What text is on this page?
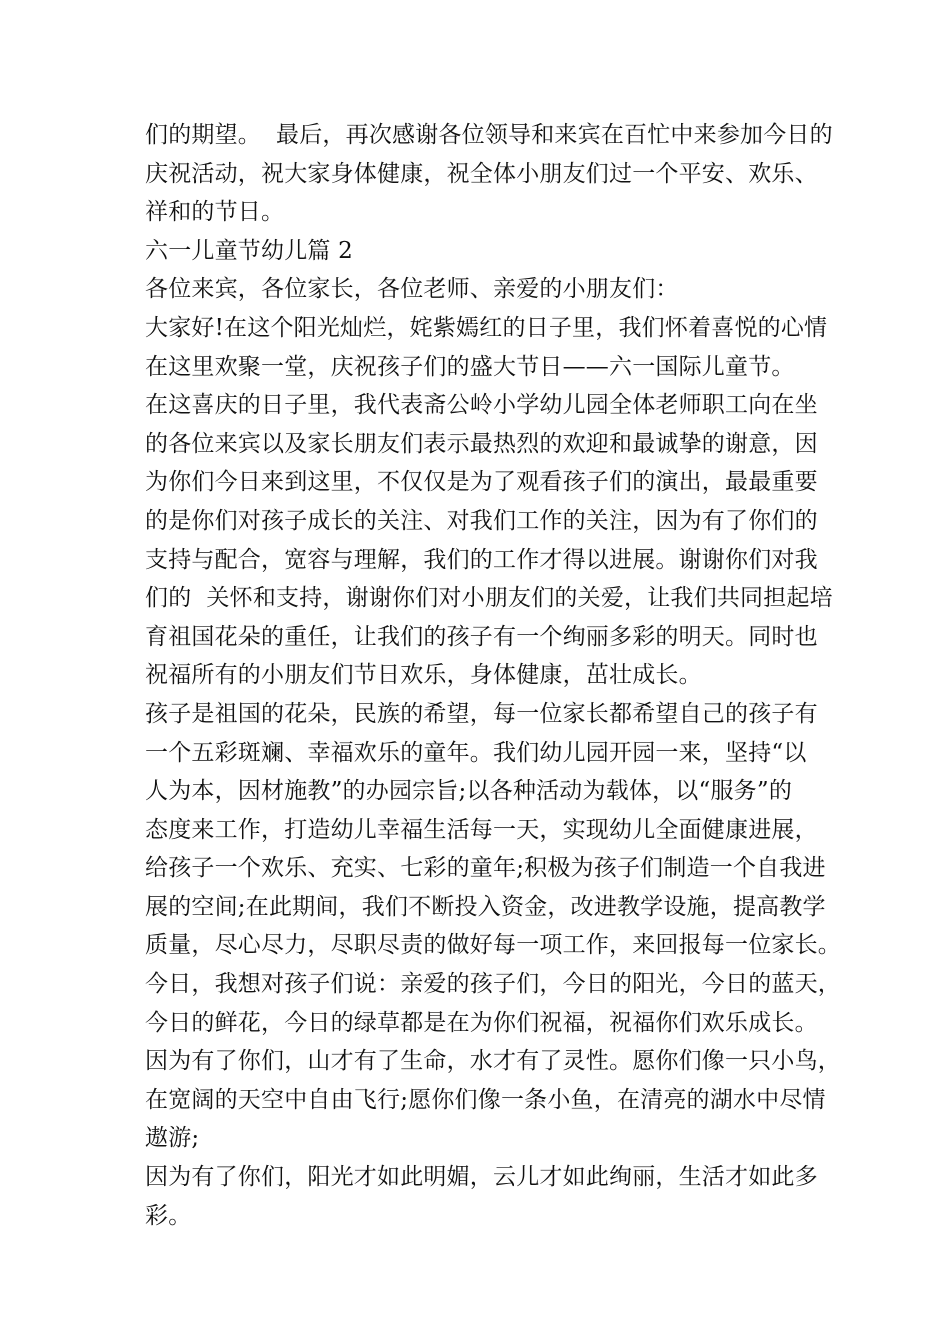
们的期望。  最后，再次感谢各位领导和来宾在百忙中来参加今日的
庆祝活动，祝大家身体健康，祝全体小朋友们过一个平安、欢乐、
祥和的节日。
六一儿童节幼儿篇 2
各位来宾，各位家长，各位老师、亲爱的小朋友们：
大家好!在这个阳光灿烂，姹紫嫣红的日子里，我们怀着喜悦的心情
在这里欢聚一堂，庆祝孩子们的盛大节日——六一国际儿童节。
在这喜庆的日子里，我代表斋公岭小学幼儿园全体老师职工向在坐
的各位来宾以及家长朋友们表示最热烈的欢迎和最诚挚的谢意，因
为你们今日来到这里，不仅仅是为了观看孩子们的演出，最最重要
的是你们对孩子成长的关注、对我们工作的关注，因为有了你们的
支持与配合，宽容与理解，我们的工作才得以进展。谢谢你们对我
们的  关怀和支持，谢谢你们对小朋友们的关爱，让我们共同担起培
育祖国花朵的重任，让我们的孩子有一个绚丽多彩的明天。同时也
祝福所有的小朋友们节日欢乐，身体健康，茁壮成长。
孩子是祖国的花朵，民族的希望，每一位家长都希望自己的孩子有
一个五彩斑斓、幸福欢乐的童年。我们幼儿园开园一来，坚持“以
人为本，因材施教”的办园宗旨;以各种活动为载体，以“服务”的
态度来工作，打造幼儿幸福生活每一天，实现幼儿全面健康进展，
给孩子一个欢乐、充实、七彩的童年;积极为孩子们制造一个自我进
展的空间;在此期间，我们不断投入资金，改进教学设施，提高教学
质量，尽心尽力，尽职尽责的做好每一项工作，来回报每一位家长。
今日，我想对孩子们说：亲爱的孩子们，今日的阳光，今日的蓝天，
今日的鲜花，今日的绿草都是在为你们祝福，祝福你们欢乐成长。
因为有了你们，山才有了生命，水才有了灵性。愿你们像一只小鸟，
在宽阔的天空中自由飞行;愿你们像一条小鱼，在清亮的湖水中尽情
遨游;
因为有了你们，阳光才如此明媚，云儿才如此绚丽，生活才如此多
彩。
